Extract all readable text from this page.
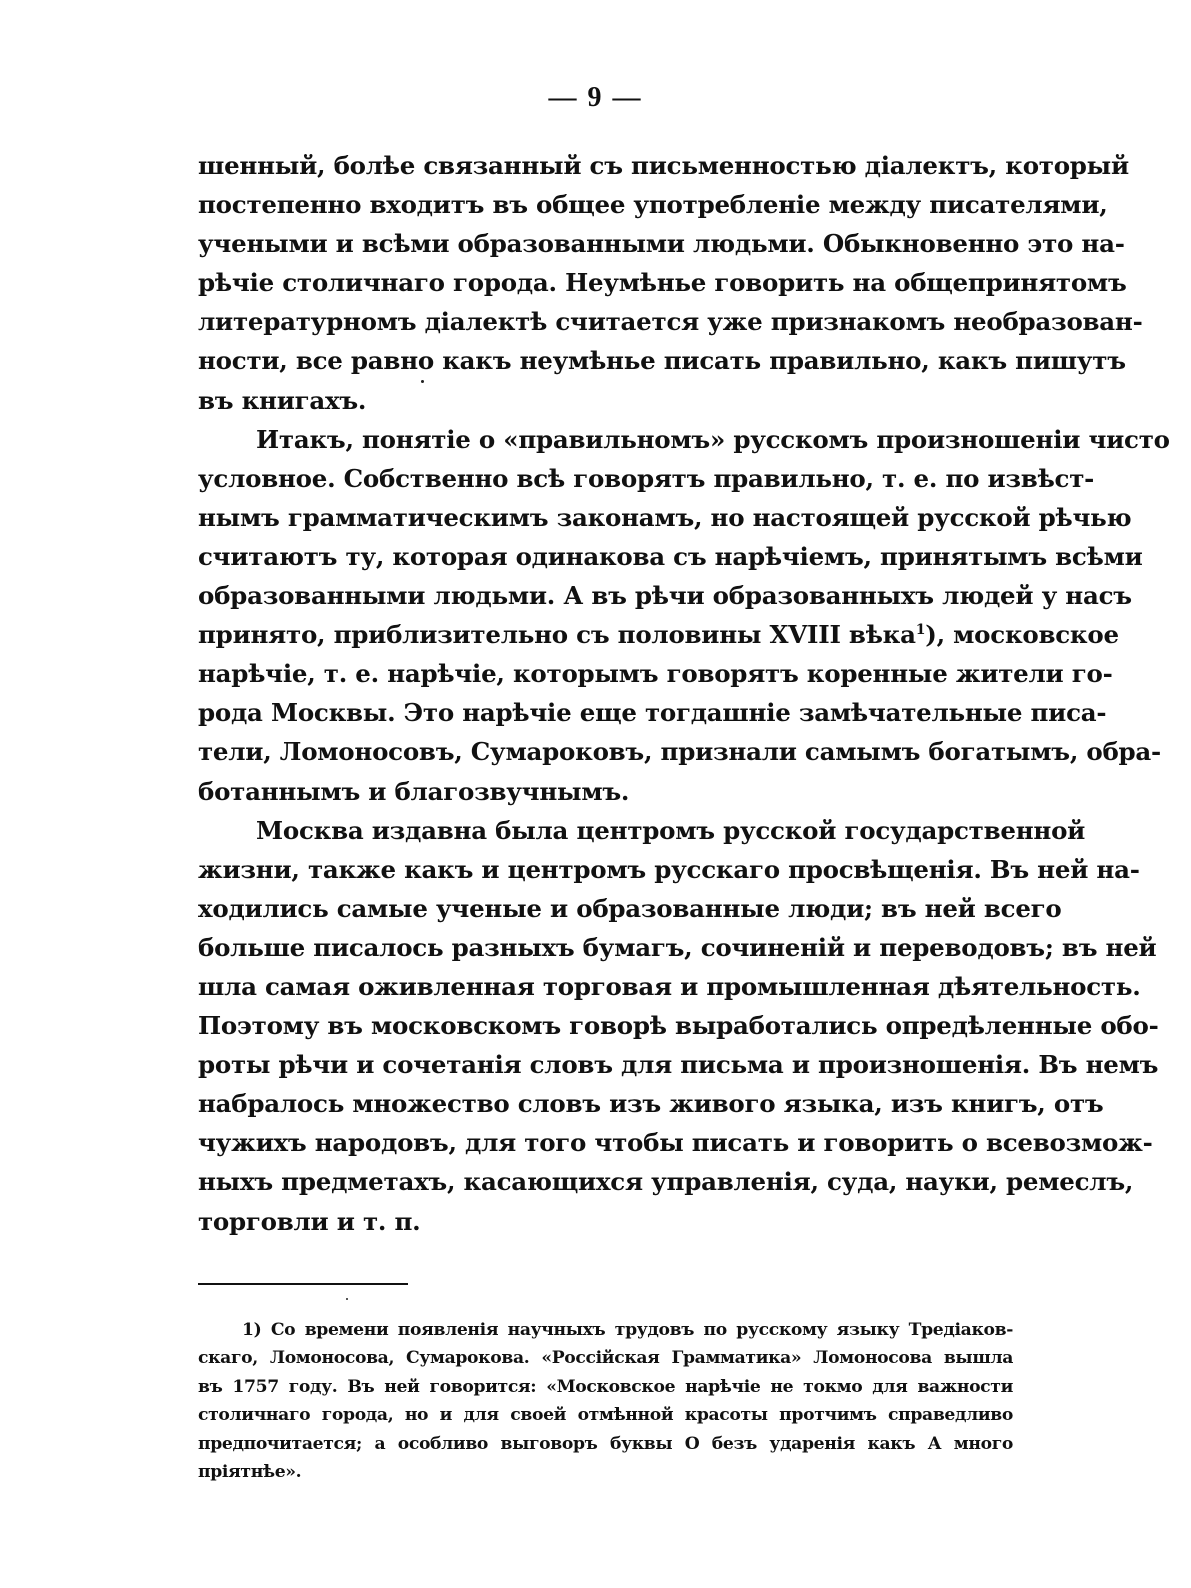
— 9 —
шенный, болѣе связанный съ письменностью діалектъ, который
постепенно входитъ въ общее употребленіе между писателями,
учеными и всѣми образованными людьми. Обыкновенно это на-
рѣчіе столичнаго города. Неумѣнье говорить на общепринятомъ
литературномъ діалектѣ считается уже признакомъ необразован-
ности, все равно какъ неумѣнье писать правильно, какъ пишутъ
въ книгахъ.
Итакъ, понятіе о «правильномъ» русскомъ произношеніи чисто
условное. Собственно всѣ говорятъ правильно, т. е. по извѣст-
нымъ грамматическимъ законамъ, но настоящей русской рѣчью
считаютъ ту, которая одинакова съ нарѣчіемъ, принятымъ всѣми
образованными людьми. А въ рѣчи образованныхъ людей у насъ
принято, приблизительно съ половины XVIII вѣка$^1$), московское
нарѣчіе, т. е. нарѣчіе, которымъ говорятъ коренные жители го-
рода Москвы. Это нарѣчіе еще тогдашніе замѣчательные писа-
тели, Ломоносовъ, Сумароковъ, признали самымъ богатымъ, обра-
ботаннымъ и благозвучнымъ.
Москва издавна была центромъ русской государственной
жизни, также какъ и центромъ русскаго просвѣщенія. Въ ней на-
ходились самые ученые и образованные люди; въ ней всего
больше писалось разныхъ бумагъ, сочиненій и переводовъ; въ ней
шла самая оживленная торговая и промышленная дѣятельность.
Поэтому въ московскомъ говорѣ выработались опредѣленные обо-
роты рѣчи и сочетанія словъ для письма и произношенія. Въ немъ
набралось множество словъ изъ живого языка, изъ книгъ, отъ
чужихъ народовъ, для того чтобы писать и говорить о всевозмож-
ныхъ предметахъ, касающихся управленія, суда, науки, ремеслъ,
торговли и т. п.
1) Со времени появленія научныхъ трудовъ по русскому языку Тредіаков-
скаго, Ломоносова, Сумарокова. «Россійская Грамматика» Ломоносова вышла
въ 1757 году. Въ ней говорится: «Московское нарѣчіе не токмо для важности
столичнаго города, но и для своей отмѣнной красоты протчимъ справедливо
предпочитается; а особливо выговоръ буквы О безъ ударенія какъ А много
пріятнѣе».
